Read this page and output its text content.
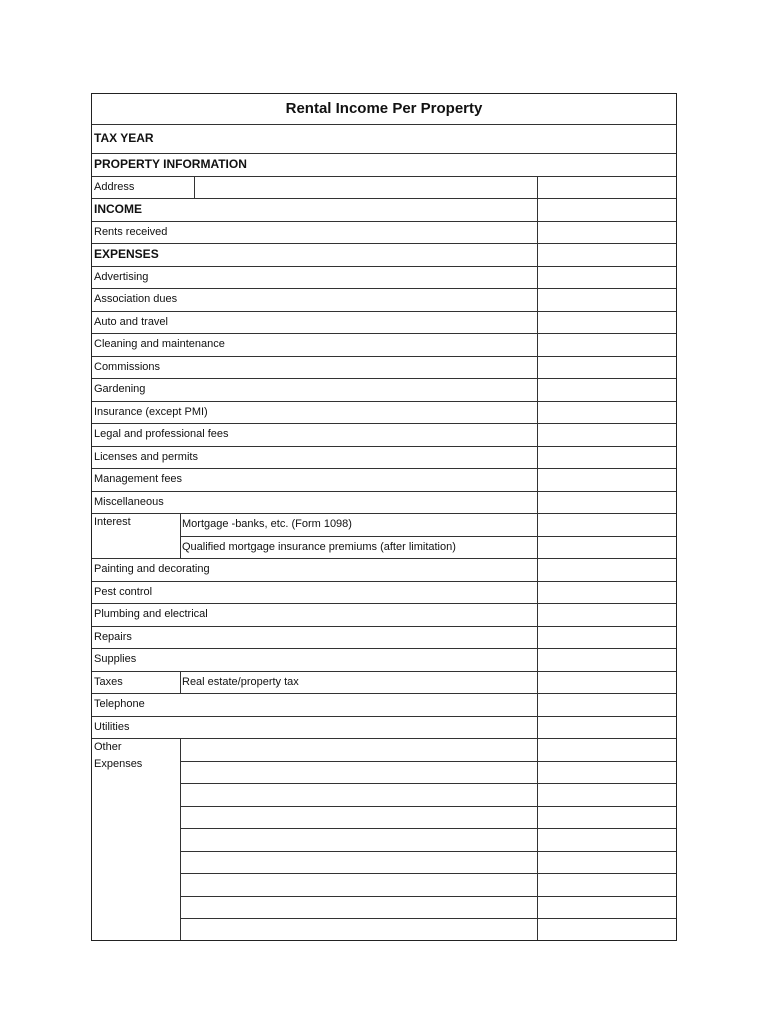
Rental Income Per Property
TAX YEAR
PROPERTY INFORMATION
Address
INCOME
Rents received
EXPENSES
Advertising
Association dues
Auto and travel
Cleaning and maintenance
Commissions
Gardening
Insurance (except PMI)
Legal and professional fees
Licenses and permits
Management fees
Miscellaneous
Interest	Mortgage -banks, etc. (Form 1098)
Qualified mortgage insurance premiums (after limitation)
Painting and decorating
Pest control
Plumbing and electrical
Repairs
Supplies
Taxes	Real estate/property tax
Telephone
Utilities
Other
Expenses
